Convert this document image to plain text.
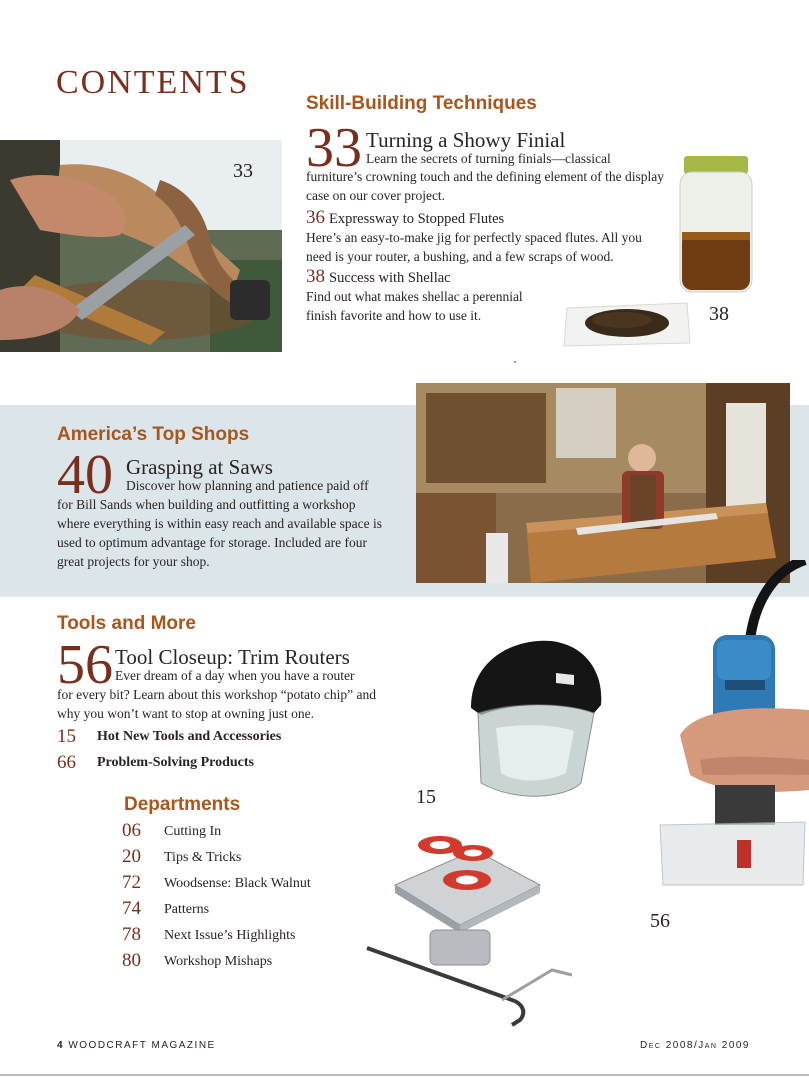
CONTENTS
Skill-Building Techniques
33 33 Turning a Showy Finial
Learn the secrets of turning finials—classical
furniture’s crowning touch and the defining element of the display case on our cover project.
36 Expressway to Stopped Flutes
Here’s an easy-to-make jig for perfectly spaced flutes. All you need is your router, a bushing, and a few scraps of wood.
38 Success with Shellac
Find out what makes shellac a perennial finish favorite and how to use it.	38
America’s Top Shops
40 Grasping at Saws
Discover how planning and patience paid off
for Bill Sands when building and outfitting a workshop where everything is within easy reach and available space is used to optimum advantage for storage. Included are four great projects for your shop.
Tools and More
56 Tool Closeup: Trim Routers
Ever dream of a day when you have a router
for every bit? Learn about this workshop “potato chip” and why you won’t want to stop at owning just one.
15 Hot New Tools and Accessories
66 Problem-Solving Products
15
56
Departments
06 Cutting In
20 Tips & Tricks
72 Woodsense: Black Walnut
74 Patterns
78 Next Issue’s Highlights
80 Workshop Mishaps
4 WOODCRAFT MAGAZINE	Dec 2008/Jan 2009
